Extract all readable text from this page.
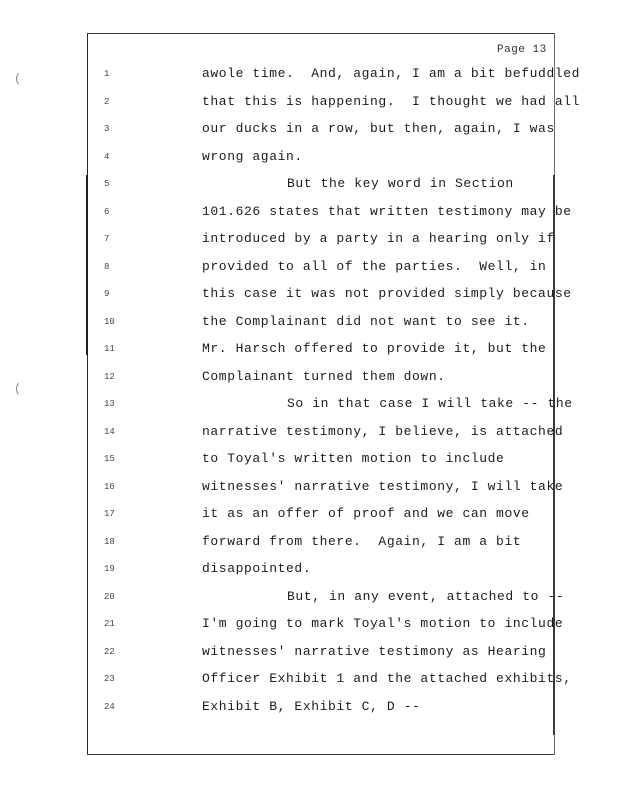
(
(
Page 13
1	awole time.  And, again, I am a bit befuddled
2	that this is happening.  I thought we had all
3	our ducks in a row, but then, again, I was
4	wrong again.
5	But the key word in Section
6	101.626 states that written testimony may be
7	introduced by a party in a hearing only if
8	provided to all of the parties.  Well, in
9	this case it was not provided simply because
10	the Complainant did not want to see it.
11	Mr. Harsch offered to provide it, but the
12	Complainant turned them down.
13	So in that case I will take -- the
14	narrative testimony, I believe, is attached
15	to Toyal's written motion to include
16	witnesses' narrative testimony, I will take
17	it as an offer of proof and we can move
18	forward from there.  Again, I am a bit
19	disappointed.
20	But, in any event, attached to --
21	I'm going to mark Toyal's motion to include
22	witnesses' narrative testimony as Hearing
23	Officer Exhibit 1 and the attached exhibits,
24	Exhibit B, Exhibit C, D --
